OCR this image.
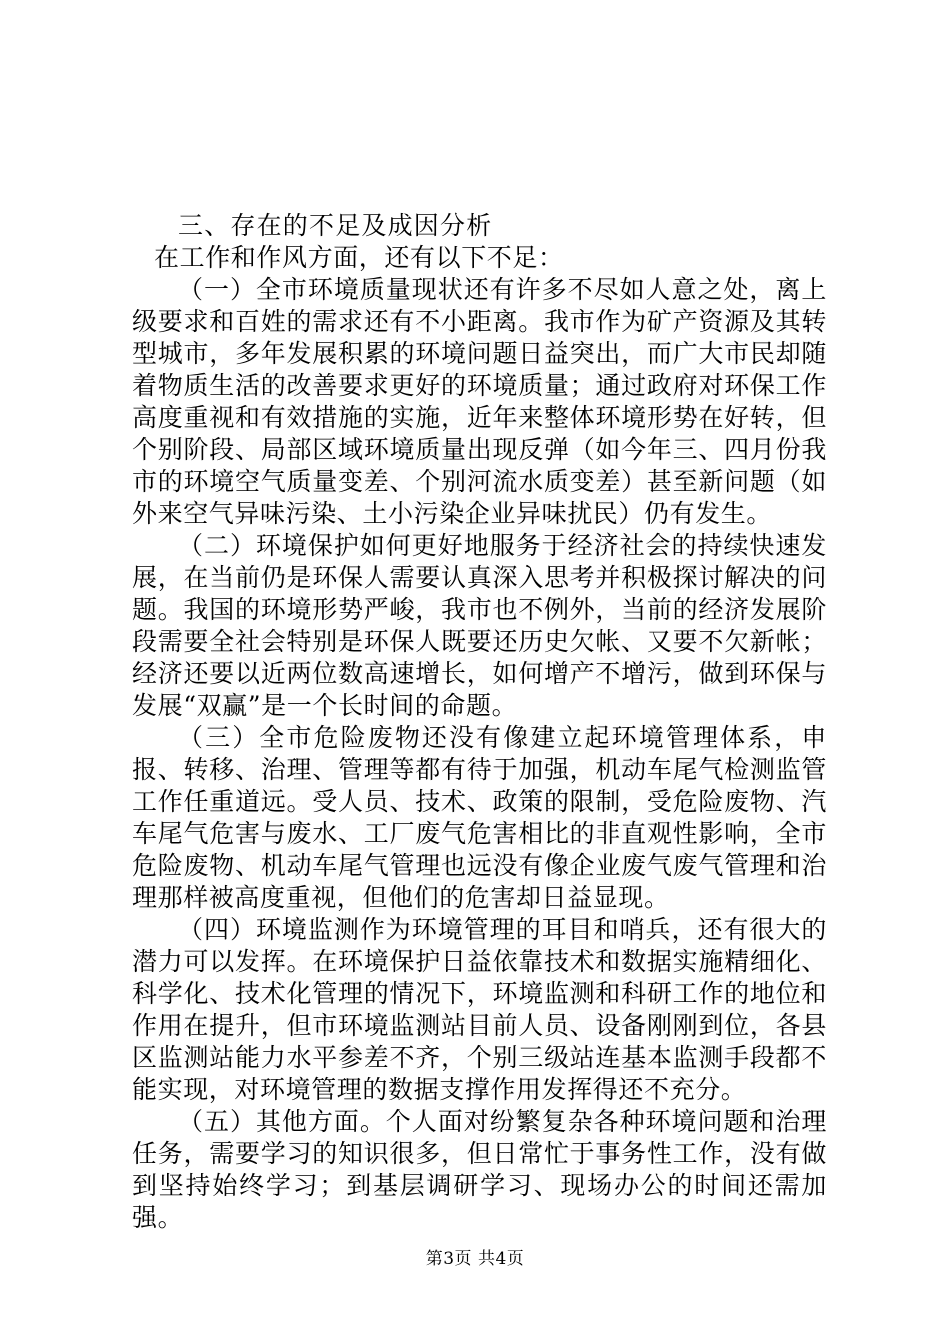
三、存在的不足及成因分析

在工作和作风方面，还有以下不足：

（一）全市环境质量现状还有许多不尽如人意之处，离上级要求和百姓的需求还有不小距离。我市作为矿产资源及其转型城市，多年发展积累的环境问题日益突出，而广大市民却随着物质生活的改善要求更好的环境质量；通过政府对环保工作高度重视和有效措施的实施，近年来整体环境形势在好转，但个别阶段、局部区域环境质量出现反弹（如今年三、四月份我市的环境空气质量变差、个别河流水质变差）甚至新问题（如外来空气异味污染、土小污染企业异味扰民）仍有发生。

（二）环境保护如何更好地服务于经济社会的持续快速发展，在当前仍是环保人需要认真深入思考并积极探讨解决的问题。我国的环境形势严峻，我市也不例外，当前的经济发展阶段需要全社会特别是环保人既要还历史欠帐、又要不欠新帐；经济还要以近两位数高速增长，如何增产不增污，做到环保与发展“双赢”是一个长时间的命题。

（三）全市危险废物还没有像建立起环境管理体系，申报、转移、治理、管理等都有待于加强，机动车尾气检测监管工作任重道远。受人员、技术、政策的限制，受危险废物、汽车尾气危害与废水、工厂废气危害相比的非直观性影响，全市危险废物、机动车尾气管理也远没有像企业废气废气管理和治理那样被高度重视，但他们的危害却日益显现。

（四）环境监测作为环境管理的耳目和哨兵，还有很大的潜力可以发挥。在环境保护日益依靠技术和数据实施精细化、科学化、技术化管理的情况下，环境监测和科研工作的地位和作用在提升，但市环境监测站目前人员、设备刚刚到位，各县区监测站能力水平参差不齐，个别三级站连基本监测手段都不能实现，对环境管理的数据支撑作用发挥得还不充分。

（五）其他方面。个人面对纷繁复杂各种环境问题和治理任务，需要学习的知识很多，但日常忙于事务性工作，没有做到坚持始终学习；到基层调研学习、现场办公的时间还需加强。

第3页 共4页
